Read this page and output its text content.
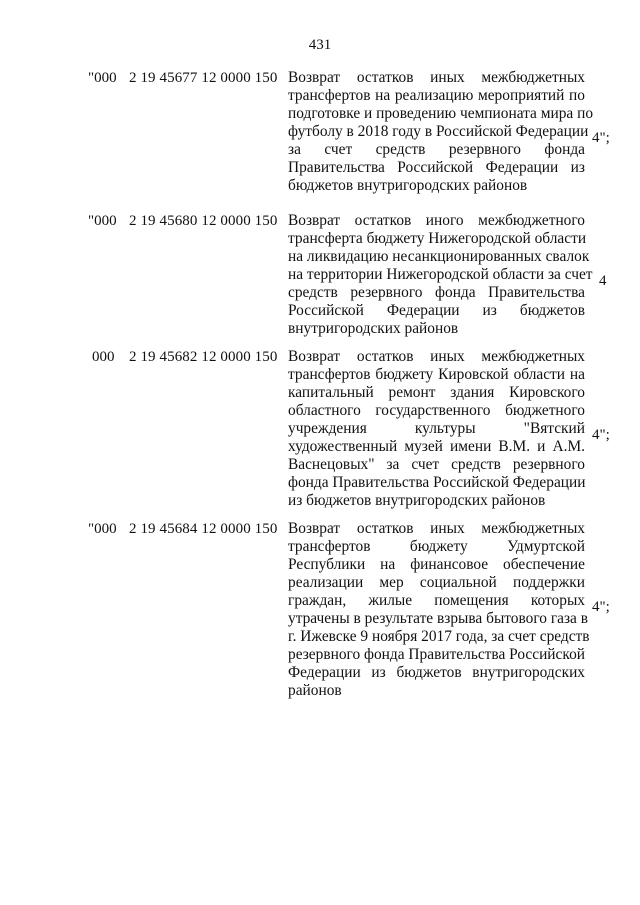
431
"000 2 19 45677 12 0000 150 Возврат остатков иных межбюджетных
трансфертов на реализацию мероприятий по
подготовке и проведению чемпионата мира по
футболу в 2018 году в Российской Федерации
за счет средств резервного фонда
Правительства Российской Федерации из
бюджетов внутригородских районов
4";
"000 2 19 45680 12 0000 150 Возврат остатков иного межбюджетного
трансферта бюджету Нижегородской области
на ликвидацию несанкционированных свалок
на территории Нижегородской области за счет
средств резервного фонда Правительства
Российской Федерации из бюджетов
внутригородских районов
4
000 2 19 45682 12 0000 150 Возврат остатков иных межбюджетных
трансфертов бюджету Кировской области на
капитальный ремонт здания Кировского
областного государственного бюджетного
учреждения культуры "Вятский
художественный музей имени В.М. и А.М.
Васнецовых" за счет средств резервного
фонда Правительства Российской Федерации
из бюджетов внутригородских районов
4";
"000 2 19 45684 12 0000 150 Возврат остатков иных межбюджетных
трансфертов бюджету Удмуртской
Республики на финансовое обеспечение
реализации мер социальной поддержки
граждан, жилые помещения которых
утрачены в результате взрыва бытового газа в
г. Ижевске 9 ноября 2017 года, за счет средств
резервного фонда Правительства Российской
Федерации из бюджетов внутригородских
районов
4";
